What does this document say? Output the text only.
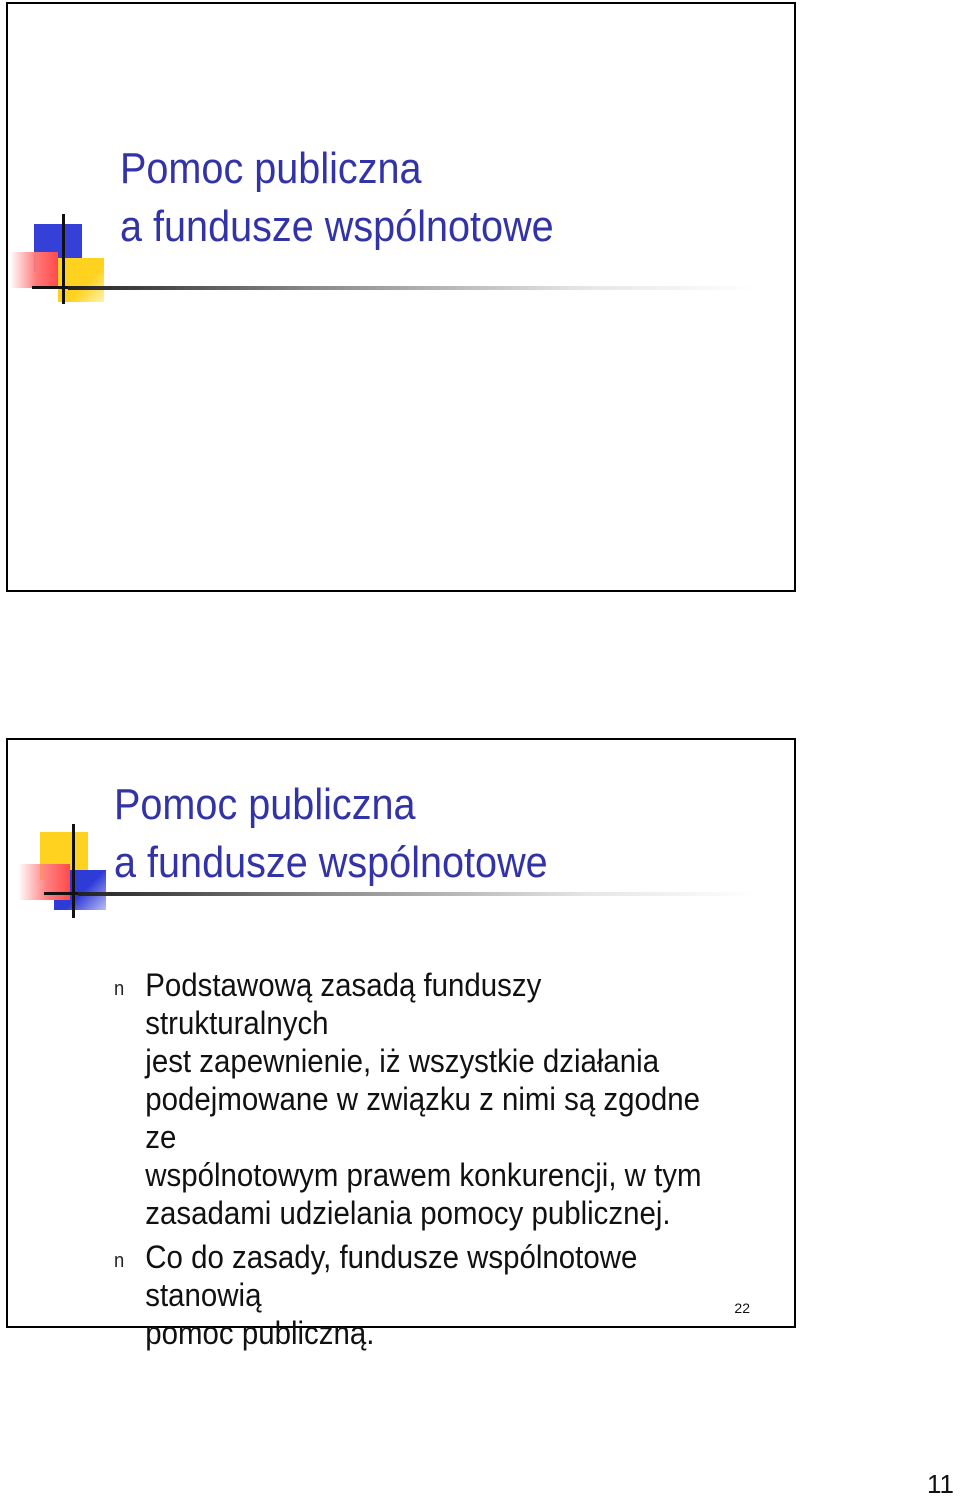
Pomoc publiczna
a fundusze wspólnotowe
Pomoc publiczna
a fundusze wspólnotowe
n Podstawową zasadą funduszy strukturalnych
jest zapewnienie, iż wszystkie działania
podejmowane w związku z nimi są zgodne ze
wspólnotowym prawem konkurencji, w tym
zasadami udzielania pomocy publicznej.
n Co do zasady, fundusze wspólnotowe stanowią
pomoc publiczną.
22
11
